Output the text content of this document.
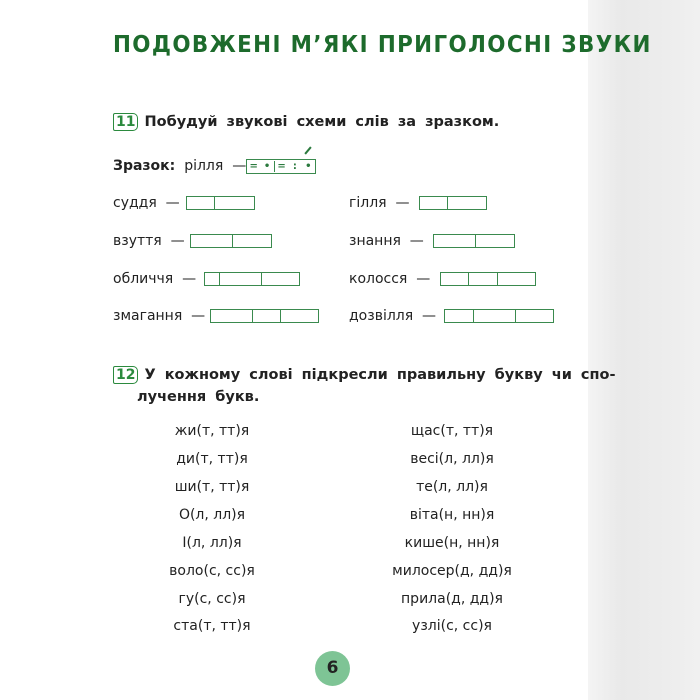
ПОДОВЖЕНІ М’ЯКІ ПРИГОЛОСНІ ЗВУКИ
11 Побудуй звукові схеми слів за зразком.
Зразок: рілля — = • = : •
суддя  —
взуття  —
обличчя  —
змагання  —
гілля  —
знання  —
колосся  —
дозвілля  —
12 У кожному слові підкресли правильну букву чи спо-
лучення букв.
жи(т, тт)я
ди(т, тт)я
ши(т, тт)я
О(л, лл)я
І(л, лл)я
воло(с, сс)я
гу(с, сс)я
ста(т, тт)я
щас(т, тт)я
весі(л, лл)я
те(л, лл)я
віта(н, нн)я
кише(н, нн)я
милосер(д, дд)я
прила(д, дд)я
узлі(с, сс)я
6
